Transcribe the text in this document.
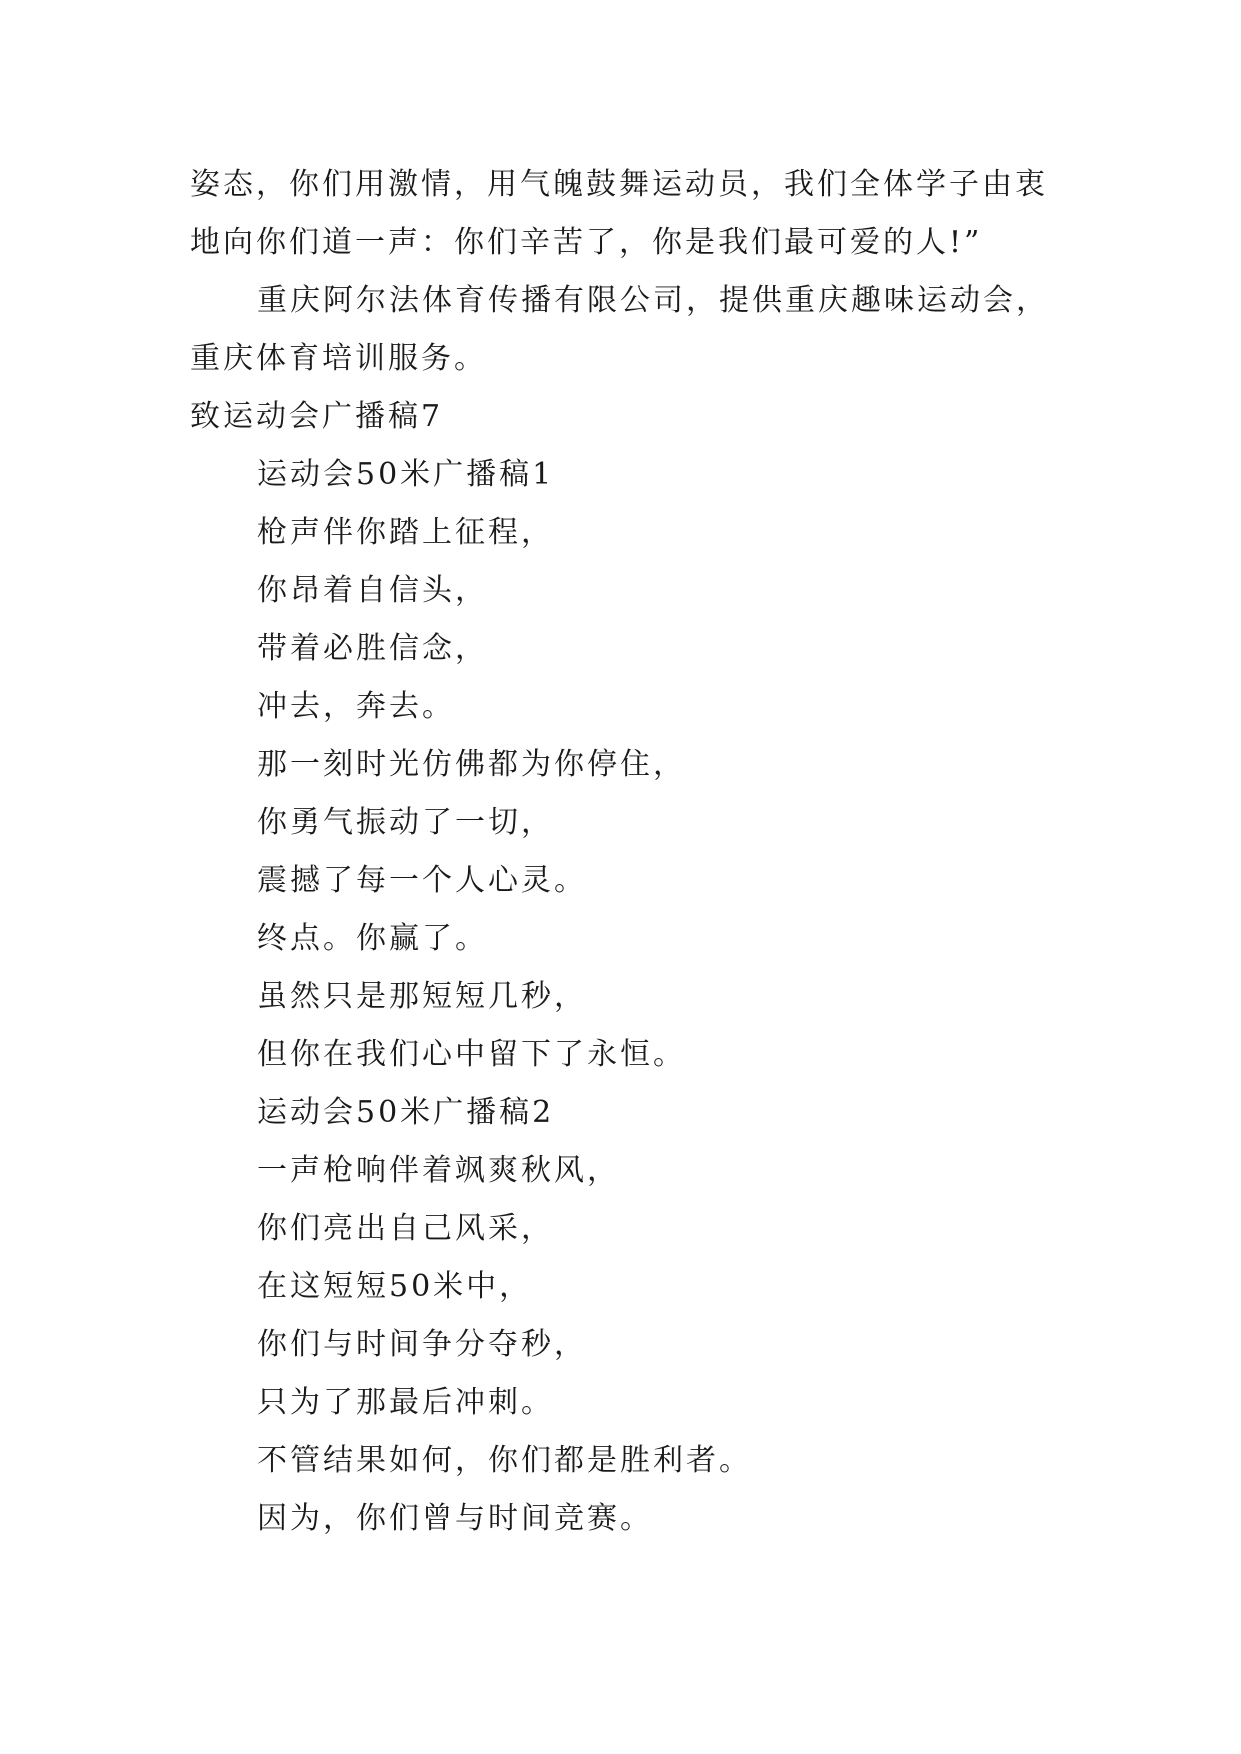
姿态，你们用激情，用气魄鼓舞运动员，我们全体学子由衷
地向你们道一声：你们辛苦了，你是我们最可爱的人!”
重庆阿尔法体育传播有限公司，提供重庆趣味运动会，
重庆体育培训服务。
致运动会广播稿7
运动会50米广播稿1
枪声伴你踏上征程，
你昂着自信头，
带着必胜信念，
冲去，奔去。
那一刻时光仿佛都为你停住，
你勇气振动了一切，
震撼了每一个人心灵。
终点。你赢了。
虽然只是那短短几秒，
但你在我们心中留下了永恒。
运动会50米广播稿2
一声枪响伴着飒爽秋风，
你们亮出自己风采，
在这短短50米中，
你们与时间争分夺秒，
只为了那最后冲刺。
不管结果如何，你们都是胜利者。
因为，你们曾与时间竞赛。
